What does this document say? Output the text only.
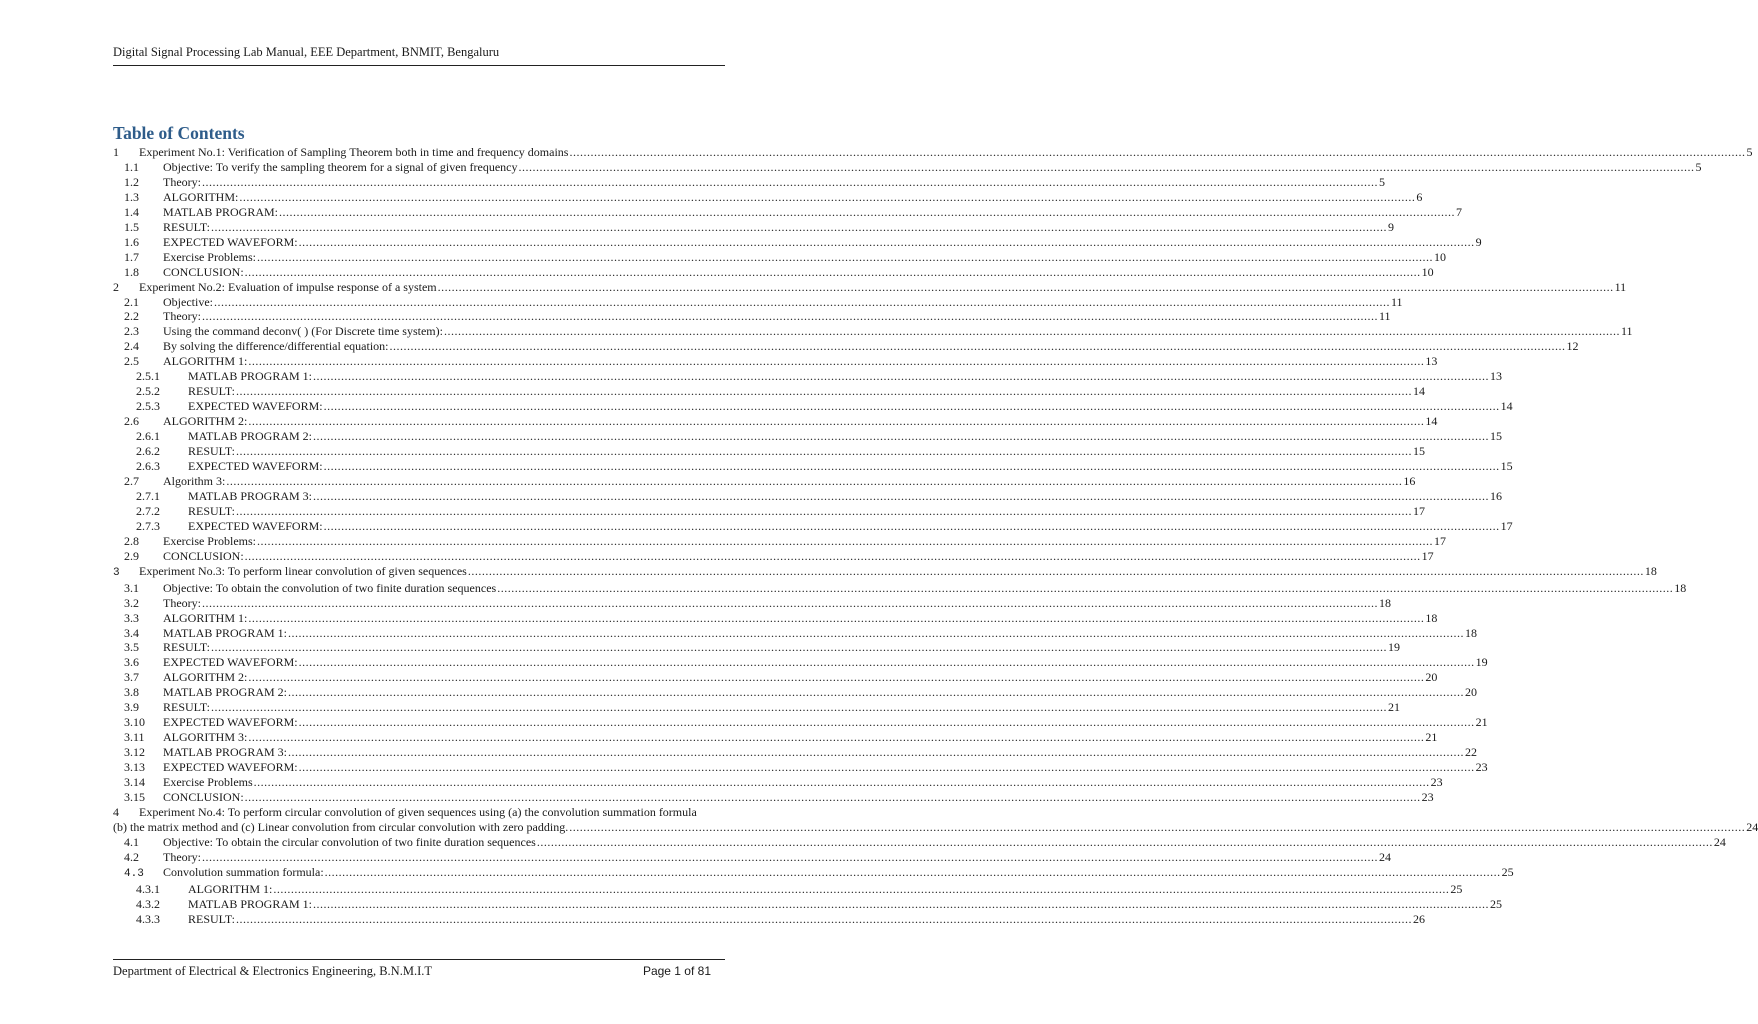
Digital Signal Processing Lab Manual, EEE Department, BNMIT, Bengaluru
Table of Contents
1	Experiment No.1: Verification of Sampling Theorem both in time and frequency domains .....	5
1.1	Objective: To verify the sampling theorem for a signal of given frequency .....	5
1.2	Theory: .....	5
1.3	ALGORITHM: .....	6
1.4	MATLAB PROGRAM: .....	7
1.5	RESULT: .....	9
1.6	EXPECTED WAVEFORM: .....	9
1.7	Exercise Problems: .....	10
1.8	CONCLUSION: .....	10
2	Experiment No.2: Evaluation of impulse response of a system .....	11
2.1	Objective: .....	11
2.2	Theory: .....	11
2.3	Using the command deconv( ) (For Discrete time system): .....	11
2.4	By solving the difference/differential equation: .....	12
2.5	ALGORITHM 1: .....	13
2.5.1	MATLAB PROGRAM 1: .....	13
2.5.2	RESULT: .....	14
2.5.3	EXPECTED WAVEFORM: .....	14
2.6	ALGORITHM 2: .....	14
2.6.1	MATLAB PROGRAM 2: .....	15
2.6.2	RESULT: .....	15
2.6.3	EXPECTED WAVEFORM: .....	15
2.7	Algorithm 3: .....	16
2.7.1	MATLAB PROGRAM 3: .....	16
2.7.2	RESULT: .....	17
2.7.3	EXPECTED WAVEFORM: .....	17
2.8	Exercise Problems: .....	17
2.9	CONCLUSION: .....	17
3	Experiment No.3: To perform linear convolution of given sequences .....	18
3.1	Objective: To obtain the convolution of two finite duration sequences .....	18
3.2	Theory: .....	18
3.3	ALGORITHM 1: .....	18
3.4	MATLAB PROGRAM 1: .....	18
3.5	RESULT: .....	19
3.6	EXPECTED WAVEFORM: .....	19
3.7	ALGORITHM 2: .....	20
3.8	MATLAB PROGRAM 2: .....	20
3.9	RESULT: .....	21
3.10	EXPECTED WAVEFORM: .....	21
3.11	ALGORITHM 3: .....	21
3.12	MATLAB PROGRAM 3: .....	22
3.13	EXPECTED WAVEFORM: .....	23
3.14	Exercise Problems .....	23
3.15	CONCLUSION: .....	23
4	Experiment No.4: To perform circular convolution of given sequences using (a) the convolution summation formula
(b) the matrix method and (c) Linear convolution from circular convolution with zero padding. .....	24
4.1	Objective: To obtain the circular convolution of two finite duration sequences .....	24
4.2	Theory: .....	24
4.3	Convolution summation formula: .....	25
4.3.1	ALGORITHM 1: .....	25
4.3.2	MATLAB PROGRAM 1: .....	25
4.3.3	RESULT: .....	26
Department of Electrical & Electronics Engineering, B.N.M.I.T	Page 1 of 81
